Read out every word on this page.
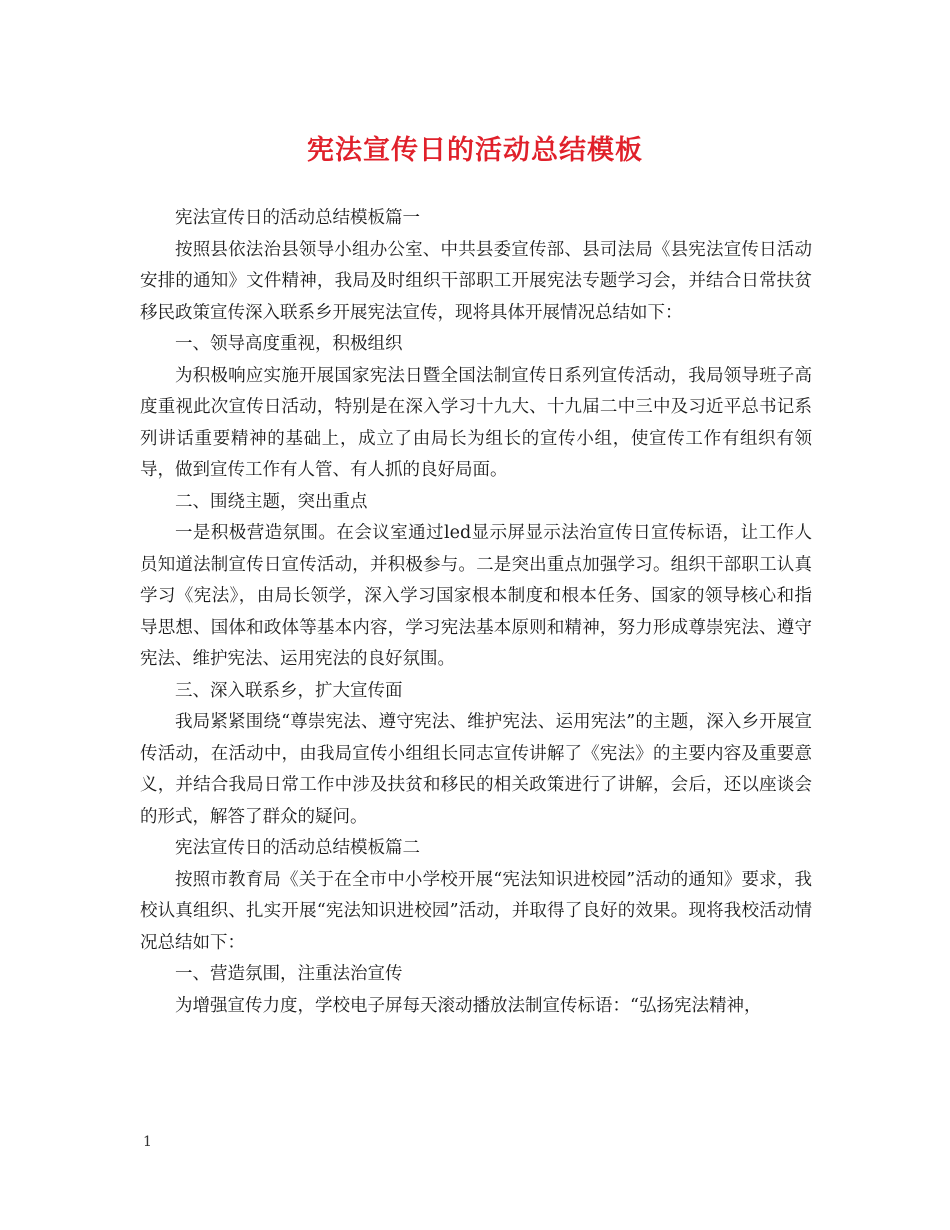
宪法宣传日的活动总结模板

宪法宣传日的活动总结模板篇一

按照县依法治县领导小组办公室、中共县委宣传部、县司法局《县宪法宣传日活动安排的通知》文件精神，我局及时组织干部职工开展宪法专题学习会，并结合日常扶贫移民政策宣传深入联系乡开展宪法宣传，现将具体开展情况总结如下：

一、领导高度重视，积极组织

为积极响应实施开展国家宪法日暨全国法制宣传日系列宣传活动，我局领导班子高度重视此次宣传日活动，特别是在深入学习十九大、十九届二中三中及习近平总书记系列讲话重要精神的基础上，成立了由局长为组长的宣传小组，使宣传工作有组织有领导，做到宣传工作有人管、有人抓的良好局面。

二、围绕主题，突出重点

一是积极营造氛围。在会议室通过led显示屏显示法治宣传日宣传标语，让工作人员知道法制宣传日宣传活动，并积极参与。二是突出重点加强学习。组织干部职工认真学习《宪法》，由局长领学，深入学习国家根本制度和根本任务、国家的领导核心和指导思想、国体和政体等基本内容，学习宪法基本原则和精神，努力形成尊崇宪法、遵守宪法、维护宪法、运用宪法的良好氛围。

三、深入联系乡，扩大宣传面

我局紧紧围绕“尊崇宪法、遵守宪法、维护宪法、运用宪法”的主题，深入乡开展宣传活动，在活动中，由我局宣传小组组长同志宣传讲解了《宪法》的主要内容及重要意义，并结合我局日常工作中涉及扶贫和移民的相关政策进行了讲解，会后，还以座谈会的形式，解答了群众的疑问。

宪法宣传日的活动总结模板篇二

按照市教育局《关于在全市中小学校开展“宪法知识进校园”活动的通知》要求，我校认真组织、扎实开展“宪法知识进校园”活动，并取得了良好的效果。现将我校活动情况总结如下：

一、营造氛围，注重法治宣传

为增强宣传力度，学校电子屏每天滚动播放法制宣传标语：“弘扬宪法精神，

1
